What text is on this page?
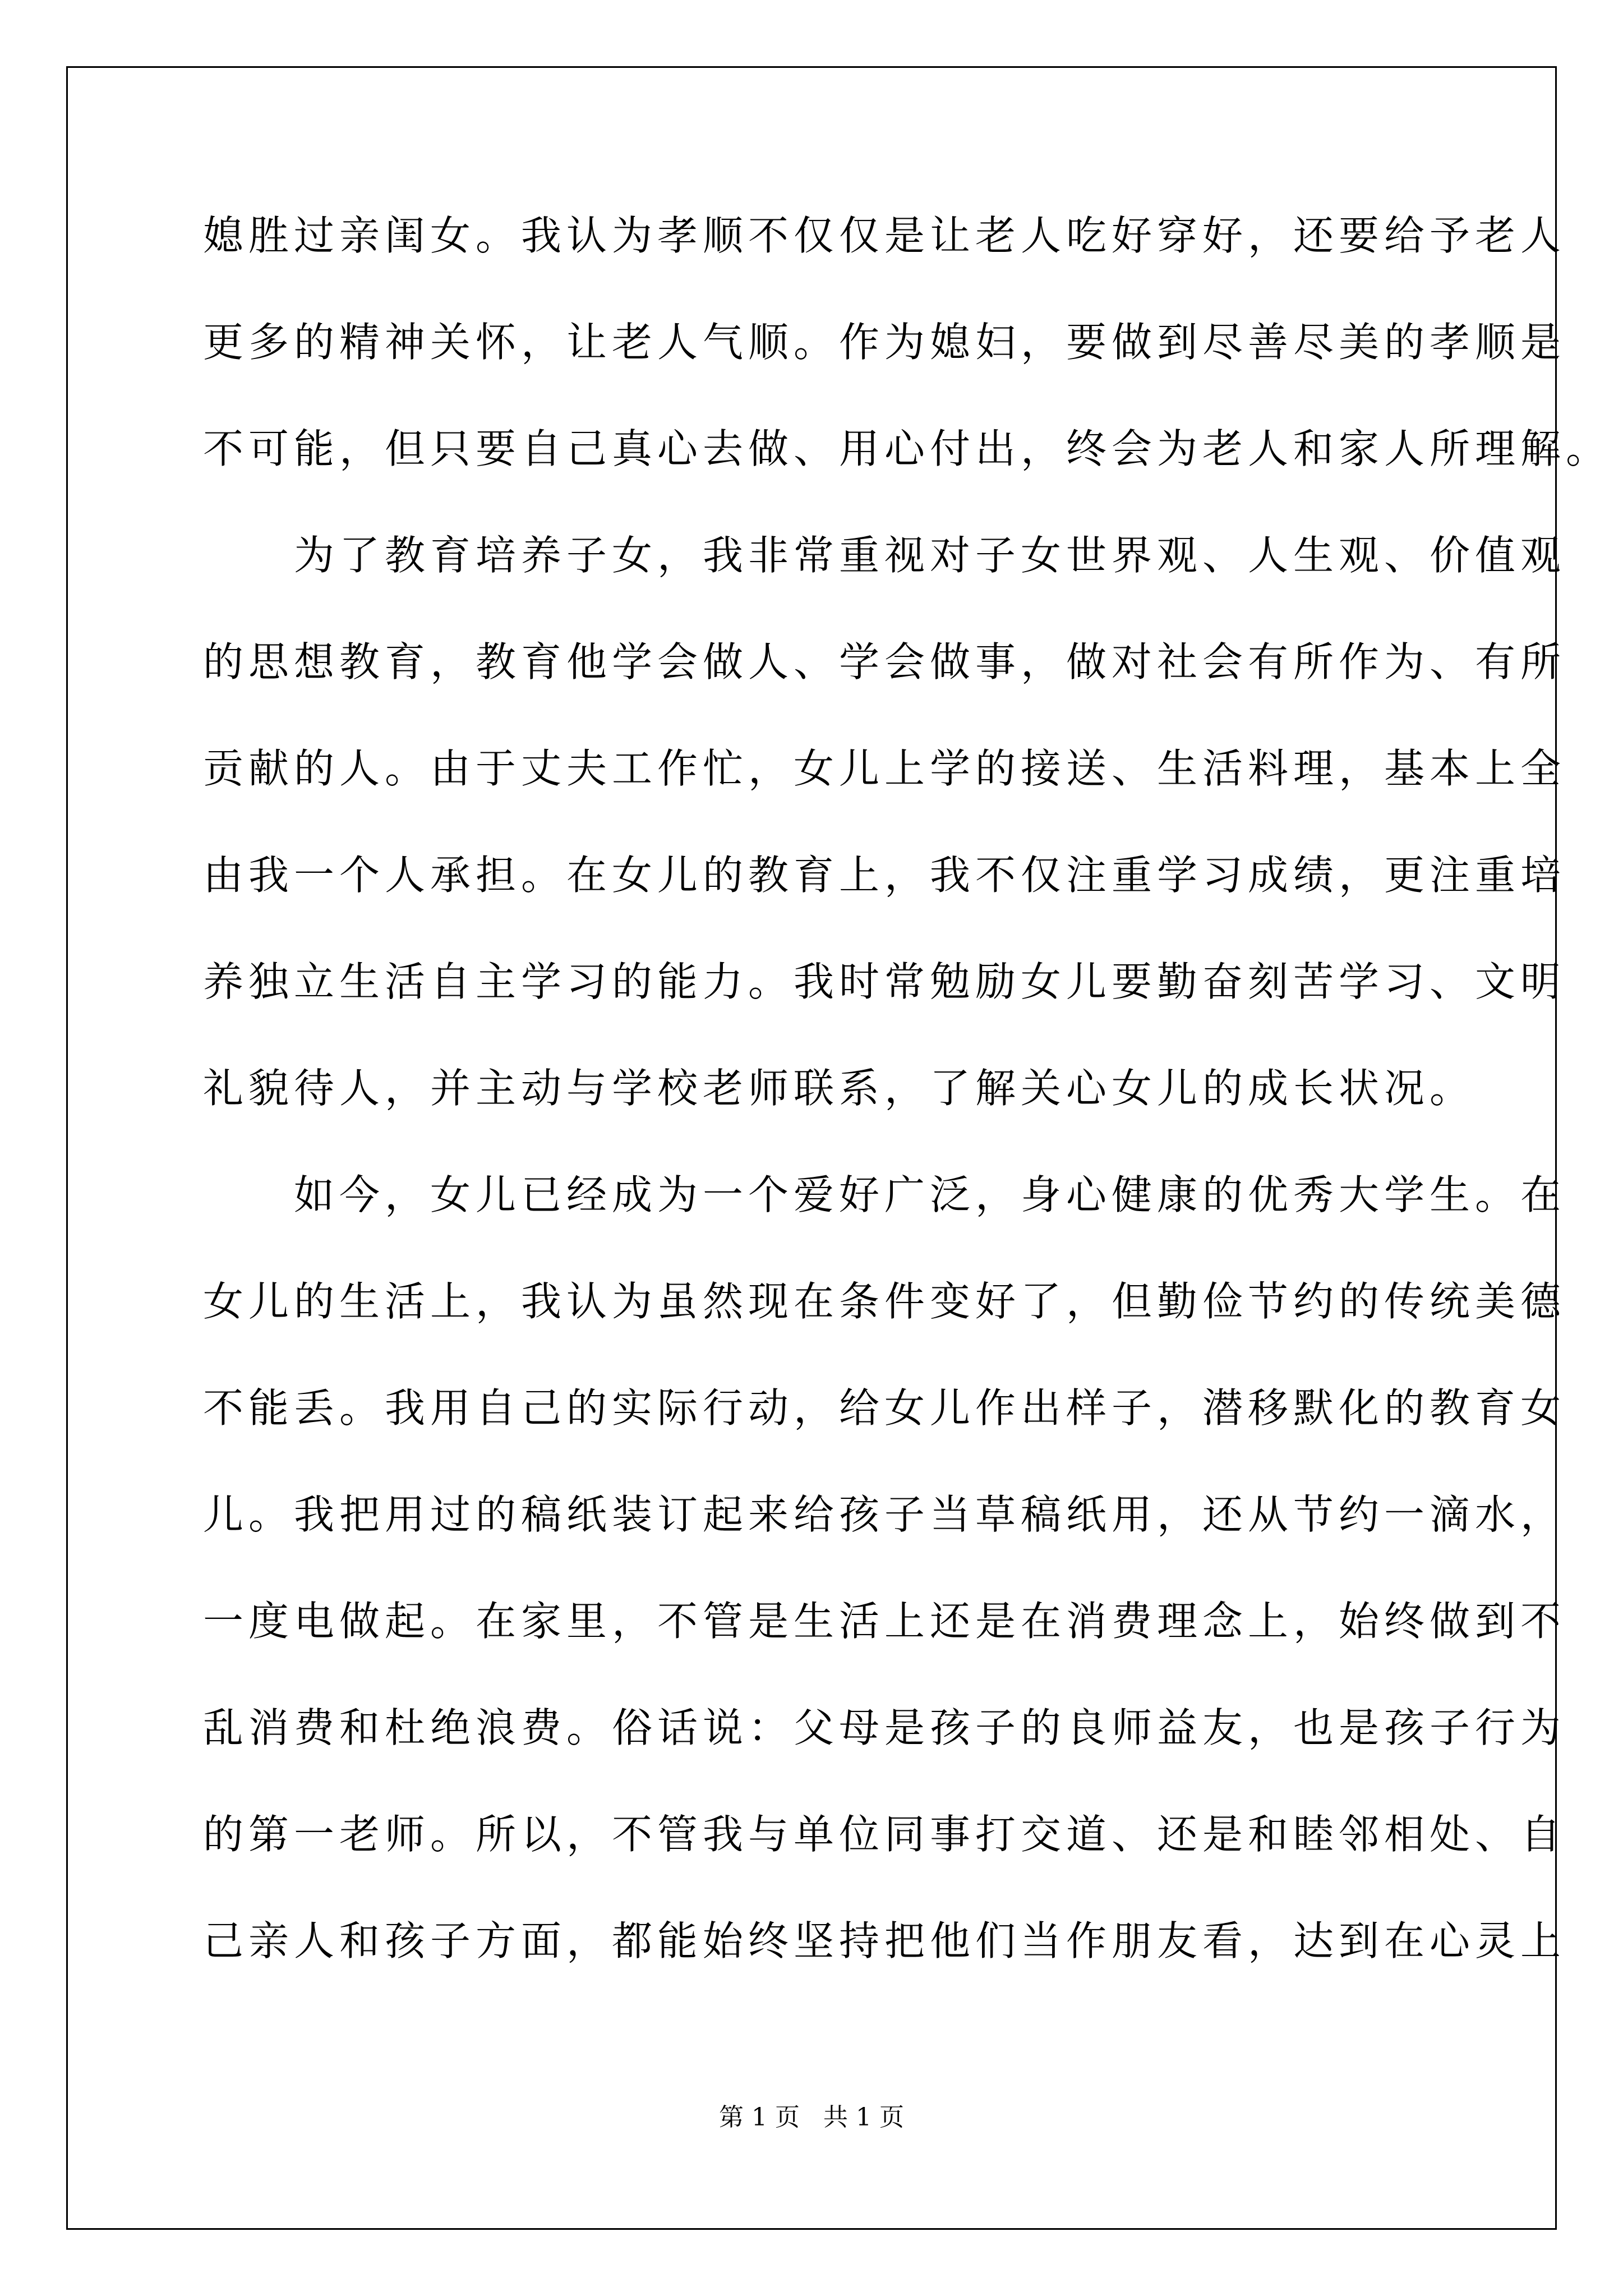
媳胜过亲闺女。我认为孝顺不仅仅是让老人吃好穿好，还要给予老人
更多的精神关怀，让老人气顺。作为媳妇，要做到尽善尽美的孝顺是
不可能，但只要自己真心去做、用心付出，终会为老人和家人所理解。
　　为了教育培养子女，我非常重视对子女世界观、人生观、价值观
的思想教育，教育他学会做人、学会做事，做对社会有所作为、有所
贡献的人。由于丈夫工作忙，女儿上学的接送、生活料理，基本上全
由我一个人承担。在女儿的教育上，我不仅注重学习成绩，更注重培
养独立生活自主学习的能力。我时常勉励女儿要勤奋刻苦学习、文明
礼貌待人，并主动与学校老师联系，了解关心女儿的成长状况。
　　如今，女儿已经成为一个爱好广泛，身心健康的优秀大学生。在
女儿的生活上，我认为虽然现在条件变好了，但勤俭节约的传统美德
不能丢。我用自己的实际行动，给女儿作出样子，潜移默化的教育女
儿。我把用过的稿纸装订起来给孩子当草稿纸用，还从节约一滴水，
一度电做起。在家里，不管是生活上还是在消费理念上，始终做到不
乱消费和杜绝浪费。俗话说：父母是孩子的良师益友，也是孩子行为
的第一老师。所以，不管我与单位同事打交道、还是和睦邻相处、自
己亲人和孩子方面，都能始终坚持把他们当作朋友看，达到在心灵上
第 1 页   共 1 页
